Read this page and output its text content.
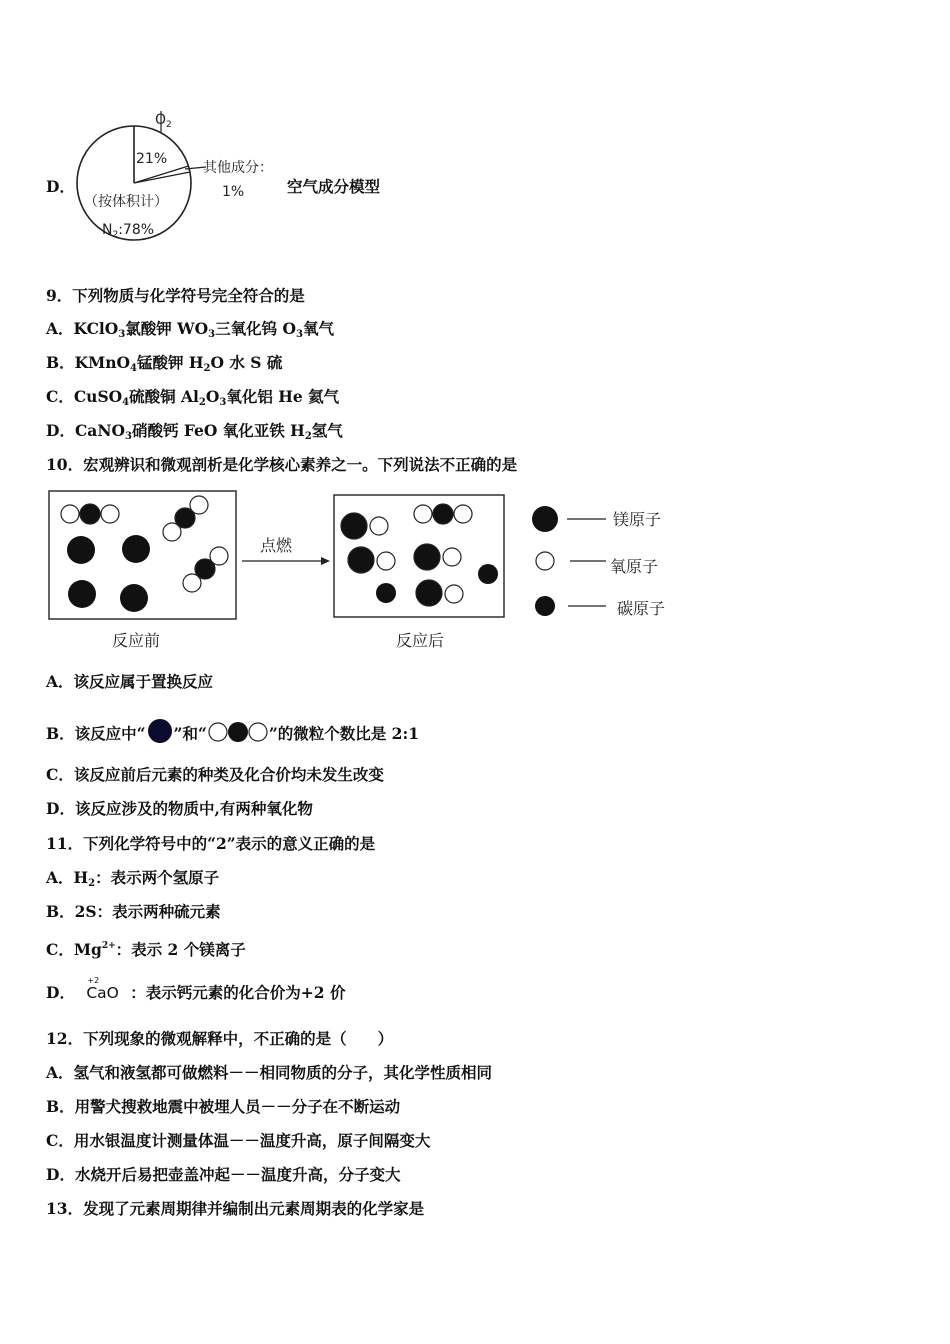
D．
$O_2$
21%
其他成分：
1%
（按体积计）
$N_2:78\%$
空气成分模型
9．下列物质与化学符号完全符合的是
A．KClO$_3$氯酸钾 $WO_3$三氧化钨 $O_3$氧气
B．KMnO$_4$锰酸钾 $H_2O$ 水 S 硫
C．CuSO$_4$硫酸铜 $Al_2O_3$氧化铝 He 氦气
D．CaNO$_3$硝酸钙 FeO 氧化亚铁 $H_2$氢气
10．宏观辨识和微观剖析是化学核心素养之一。下列说法不正确的是
点燃
反应前	反应后
镁原子
氧原子
碳原子
A．该反应属于置换反应
B．该反应中“ ”和“	”的微粒个数比是 2:1
C．该反应前后元素的种类及化合价均未发生改变
D．该反应涉及的物质中,有两种氧化物
11．下列化学符号中的“2”表示的意义正确的是
A．$H_2$：表示两个氢原子
B．2S：表示两种硫元素
C．$Mg^{2+}$：表示 2 个镁离子
D．
+2
CaO ：表示钙元素的化合价为+2 价
12．下列现象的微观解释中，不正确的是（　　）
A．氢气和液氢都可做燃料－－相同物质的分子，其化学性质相同
B．用警犬搜救地震中被埋人员－－分子在不断运动
C．用水银温度计测量体温－－温度升高，原子间隔变大
D．水烧开后易把壶盖冲起－－温度升高，分子变大
13．发现了元素周期律并编制出元素周期表的化学家是
